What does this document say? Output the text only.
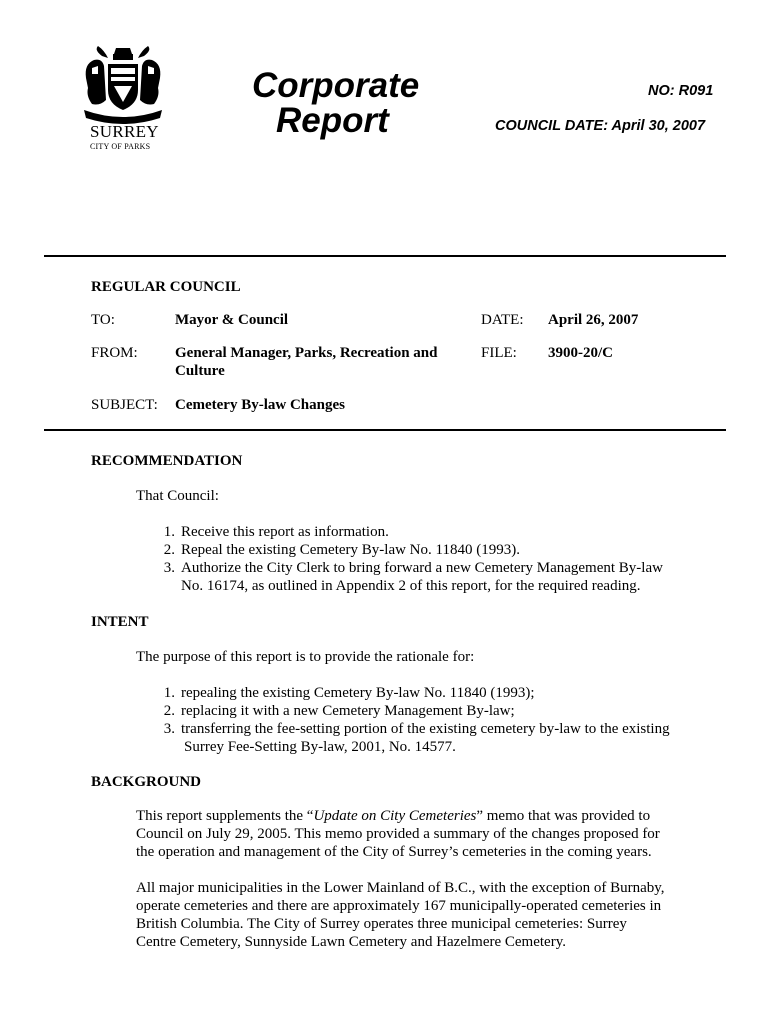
SURREY
CITY OF PARKS
Corporate
Report
NO: R091
COUNCIL DATE: April 30, 2007
REGULAR COUNCIL
TO:	Mayor & Council	DATE: April 26, 2007
FROM: General Manager, Parks, Recreation and
Culture
FILE: 3900-20/C
SUBJECT: Cemetery By-law Changes
RECOMMENDATION
That Council:
1. Receive this report as information.
2. Repeal the existing Cemetery By-law No. 11840 (1993).
3. Authorize the City Clerk to bring forward a new Cemetery Management By-law
No. 16174, as outlined in Appendix 2 of this report, for the required reading.
INTENT
The purpose of this report is to provide the rationale for:
1. repealing the existing Cemetery By-law No. 11840 (1993);
2. replacing it with a new Cemetery Management By-law;
3. transferring the fee-setting portion of the existing cemetery by-law to the existing
Surrey Fee-Setting By-law, 2001, No. 14577.
BACKGROUND
This report supplements the “Update on City Cemeteries” memo that was provided to
Council on July 29, 2005. This memo provided a summary of the changes proposed for
the operation and management of the City of Surrey’s cemeteries in the coming years.
All major municipalities in the Lower Mainland of B.C., with the exception of Burnaby,
operate cemeteries and there are approximately 167 municipally-operated cemeteries in
British Columbia. The City of Surrey operates three municipal cemeteries: Surrey
Centre Cemetery, Sunnyside Lawn Cemetery and Hazelmere Cemetery.
